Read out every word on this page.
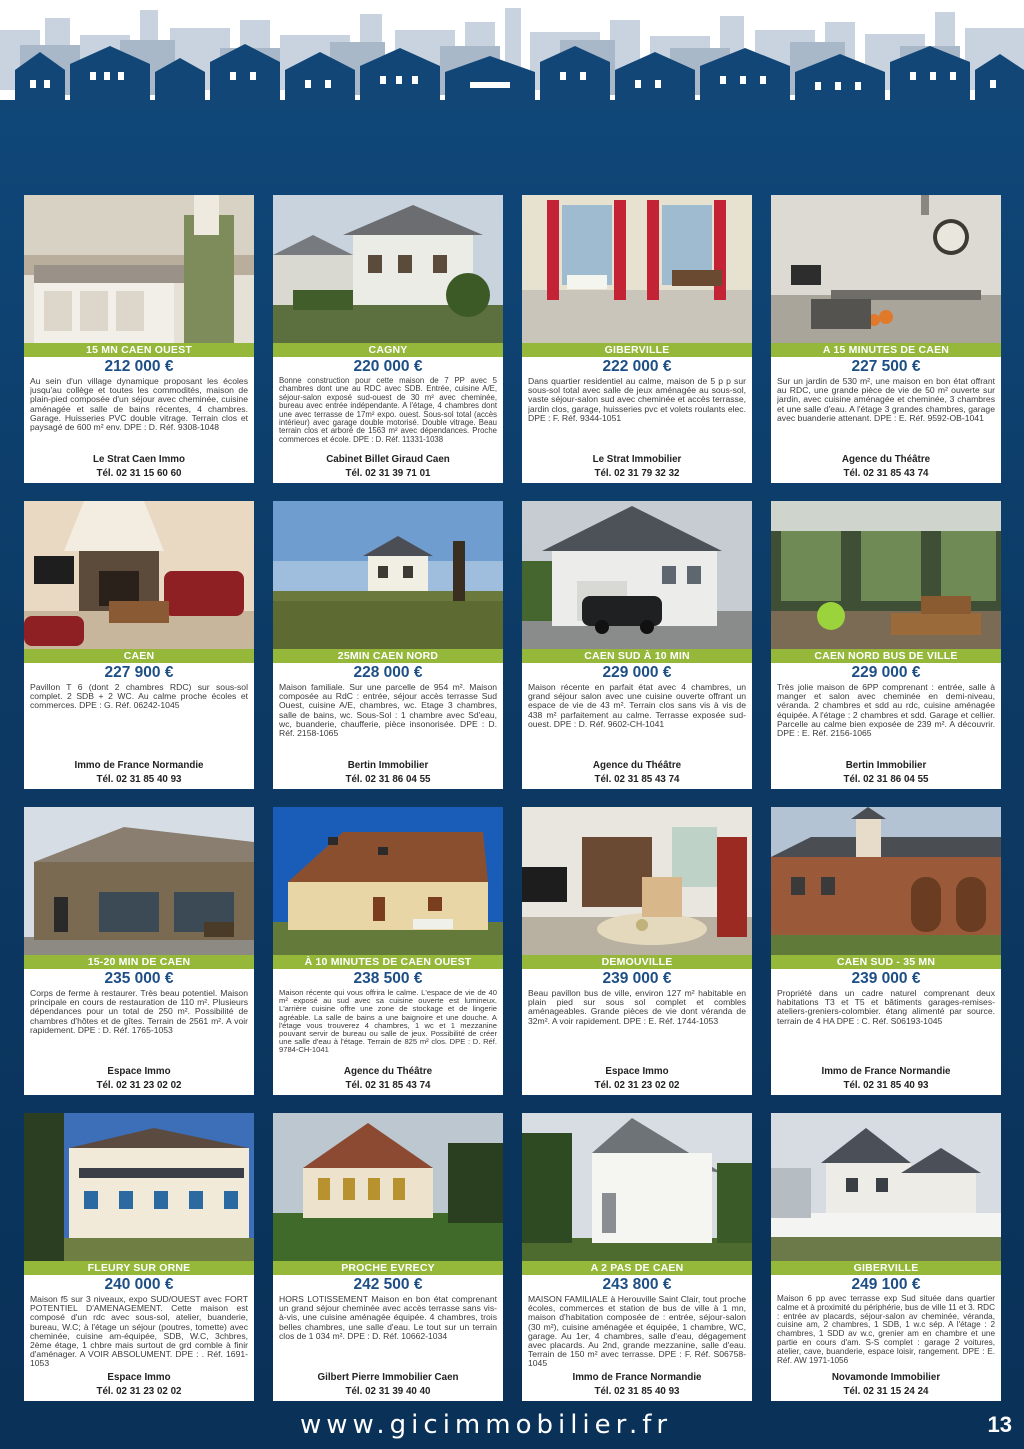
15 MN CAEN OUEST
212 000 €
Au sein d'un village dynamique proposant les écoles jusqu'au collège et toutes les commodités, maison de plain-pied composée d'un séjour avec cheminée, cuisine aménagée et salle de bains récentes, 4 chambres. Garage. Huisseries PVC double vitrage. Terrain clos et paysagé de 600 m² env. DPE : D. Réf. 9308-1048
Le Strat Caen Immo
Tél. 02 31 15 60 60
CAGNY
220 000 €
Bonne construction pour cette maison de 7 PP avec 5 chambres dont une au RDC avec SDB. Entrée, cuisine A/E, séjour-salon exposé sud-ouest de 30 m² avec cheminée, bureau avec entrée indépendante. A l'étage, 4 chambres dont une avec terrasse de 17m² expo. ouest. Sous-sol total (accès intérieur) avec garage double motorisé. Double vitrage. Beau terrain clos et arboré de 1563 m² avec dépendances. Proche commerces et école. DPE : D. Réf. 11331-1038
Cabinet Billet Giraud Caen
Tél. 02 31 39 71 01
GIBERVILLE
222 000 €
Dans quartier residentiel au calme, maison de 5 p p sur sous-sol total avec salle de jeux aménagée au sous-sol, vaste séjour-salon sud avec cheminée et accès terrasse, jardin clos, garage, huisseries pvc et volets roulants elec. DPE : F. Réf. 9344-1051
Le Strat Immobilier
Tél. 02 31 79 32 32
A 15 MINUTES DE CAEN
227 500 €
Sur un jardin de 530 m², une maison en bon état offrant au RDC, une grande pièce de vie de 50 m² ouverte sur jardin, avec cuisine aménagée et cheminée, 3 chambres et une salle d'eau. A l'étage 3 grandes chambres, garage avec buanderie attenant. DPE : E. Réf. 9592-OB-1041
Agence du Théâtre
Tél. 02 31 85 43 74
CAEN
227 900 €
Pavillon T 6 (dont 2 chambres RDC) sur sous-sol complet. 2 SDB + 2 WC. Au calme proche écoles et commerces. DPE : G. Réf. 06242-1045
Immo de France Normandie
Tél. 02 31 85 40 93
25MIN CAEN NORD
228 000 €
Maison familiale. Sur une parcelle de 954 m². Maison composée au RdC : entrée, séjour accès terrasse Sud Ouest, cuisine A/E, chambres, wc. Etage 3 chambres, salle de bains, wc. Sous-Sol : 1 chambre avec Sd'eau, wc, buanderie, chaufferie, pièce insonorisée. DPE : D. Réf. 2158-1065
Bertin Immobilier
Tél. 02 31 86 04 55
CAEN SUD À 10 MIN
229 000 €
Maison récente en parfait état avec 4 chambres, un grand séjour salon avec une cuisine ouverte offrant un espace de vie de 43 m². Terrain clos sans vis à vis de 438 m² parfaitement au calme. Terrasse exposée sud-ouest. DPE : D. Réf. 9602-CH-1041
Agence du Théâtre
Tél. 02 31 85 43 74
CAEN NORD BUS DE VILLE
229 000 €
Très jolie maison de 6PP comprenant : entrée, salle à manger et salon avec cheminée en demi-niveau, véranda. 2 chambres et sdd au rdc, cuisine aménagée équipée. A l'étage : 2 chambres et sdd. Garage et cellier. Parcelle au calme bien exposée de 239 m². A découvrir. DPE : E. Réf. 2156-1065
Bertin Immobilier
Tél. 02 31 86 04 55
15-20 MIN DE CAEN
235 000 €
Corps de ferme à restaurer. Très beau potentiel. Maison principale en cours de restauration de 110 m². Plusieurs dépendances pour un total de 250 m². Possibilité de chambres d'hôtes et de gîtes. Terrain de 2561 m². A voir rapidement. DPE : D. Réf. 1765-1053
Espace Immo
Tél. 02 31 23 02 02
À 10 MINUTES DE CAEN OUEST
238 500 €
Maison récente qui vous offrira le calme. L'espace de vie de 40 m² exposé au sud avec sa cuisine ouverte est lumineux. L'arrière cuisine offre une zone de stockage et de lingerie agréable. La salle de bains a une baignoire et une douche. A l'étage vous trouverez 4 chambres, 1 wc et 1 mezzanine pouvant servir de bureau ou salle de jeux. Possibilité de créer une salle d'eau à l'étage. Terrain de 825 m² clos. DPE : D. Réf. 9784-CH-1041
Agence du Théâtre
Tél. 02 31 85 43 74
DEMOUVILLE
239 000 €
Beau pavillon bus de ville, environ 127 m² habitable en plain pied sur sous sol complet et combles aménageables. Grande pièces de vie dont véranda de 32m². A voir rapidement. DPE : E. Réf. 1744-1053
Espace Immo
Tél. 02 31 23 02 02
CAEN SUD - 35 MN
239 000 €
Propriété dans un cadre naturel comprenant deux habitations T3 et T5 et bâtiments garages-remises-ateliers-greniers-colombier. étang alimenté par source. terrain de 4 HA DPE : C. Réf. S06193-1045
Immo de France Normandie
Tél. 02 31 85 40 93
FLEURY SUR ORNE
240 000 €
Maison f5 sur 3 niveaux, expo SUD/OUEST avec FORT POTENTIEL D'AMENAGEMENT. Cette maison est composé d'un rdc avec sous-sol, atelier, buanderie, bureau, W.C; à l'étage un séjour (poutres, tomette) avec cheminée, cuisine am-équipée, SDB, W.C, 3chbres, 2ème étage, 1 chbre mais surtout de grd comble à finir d'aménager. A VOIR ABSOLUMENT. DPE : . Réf. 1691-1053
Espace Immo
Tél. 02 31 23 02 02
PROCHE EVRECY
242 500 €
HORS LOTISSEMENT Maison en bon état comprenant un grand séjour cheminée avec accès terrasse sans vis-à-vis, une cuisine aménagée équipée. 4 chambres, trois belles chambres, une salle d'eau. Le tout sur un terrain clos de 1 034 m². DPE : D. Réf. 10662-1034
Gilbert Pierre Immobilier Caen
Tél. 02 31 39 40 40
A 2 PAS DE CAEN
243 800 €
MAISON FAMILIALE à Herouville Saint Clair, tout proche écoles, commerces et station de bus de ville à 1 mn, maison d'habitation composée de : entrée, séjour-salon (30 m²), cuisine aménagée et équipée, 1 chambre, WC, garage. Au 1er, 4 chambres, salle d'eau, dégagement avec placards. Au 2nd, grande mezzanine, salle d'eau. Terrain de 150 m² avec terrasse. DPE : F. Réf. S06758-1045
Immo de France Normandie
Tél. 02 31 85 40 93
GIBERVILLE
249 100 €
Maison 6 pp avec terrasse exp Sud située dans quartier calme et à proximité du périphérie, bus de ville 11 et 3. RDC : entrée av placards, séjour-salon av cheminée, véranda, cuisine am, 2 chambres, 1 SDB, 1 w.c sép. A l'étage : 2 chambres, 1 SDD av w.c, grenier am en chambre et une partie en cours d'am. S-S complet : garage 2 voitures, atelier, cave, buanderie, espace loisir, rangement. DPE : E. Réf. AW 1971-1056
Novamonde Immobilier
Tél. 02 31 15 24 24
www.gicimmobilier.fr	13
